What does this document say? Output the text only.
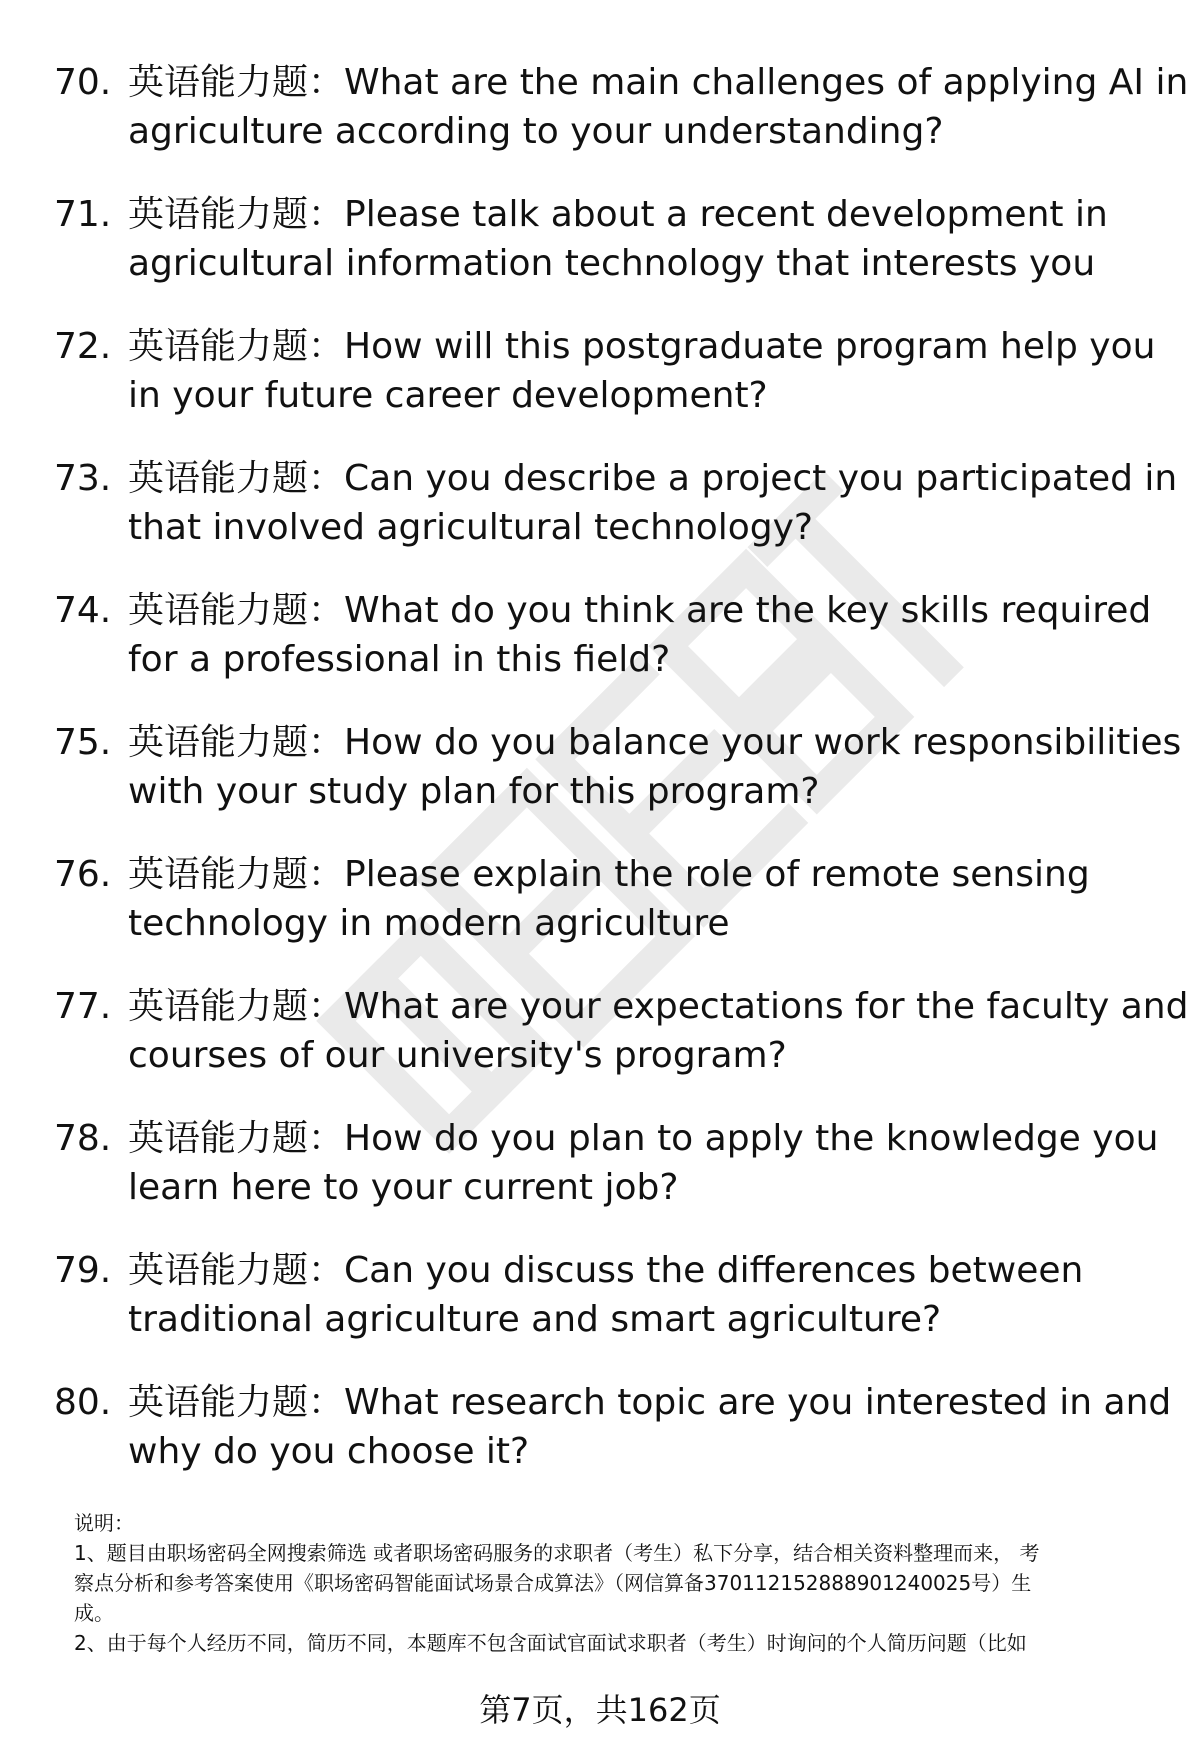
70. 英语能力题：What are the main challenges of applying AI in
agriculture according to your understanding?
71. 英语能力题：Please talk about a recent development in
agricultural information technology that interests you
72. 英语能力题：How will this postgraduate program help you
in your future career development?
73. 英语能力题：Can you describe a project you participated in
that involved agricultural technology?
74. 英语能力题：What do you think are the key skills required
for a professional in this field?
75. 英语能力题：How do you balance your work responsibilities
with your study plan for this program?
76. 英语能力题：Please explain the role of remote sensing
technology in modern agriculture
77. 英语能力题：What are your expectations for the faculty and
courses of our university's program?
78. 英语能力题：How do you plan to apply the knowledge you
learn here to your current job?
79. 英语能力题：Can you discuss the differences between
traditional agriculture and smart agriculture?
80. 英语能力题：What research topic are you interested in and
why do you choose it?
说明：
1、题目由职场密码全网搜索筛选 或者职场密码服务的求职者（考生）私下分享，结合相关资料整理而来， 考
察点分析和参考答案使用《职场密码智能面试场景合成算法》（网信算备370112152888901240025号）生
成。
2、由于每个人经历不同，简历不同，本题库不包含面试官面试求职者（考生）时询问的个人简历问题（比如
第7页，共162页
